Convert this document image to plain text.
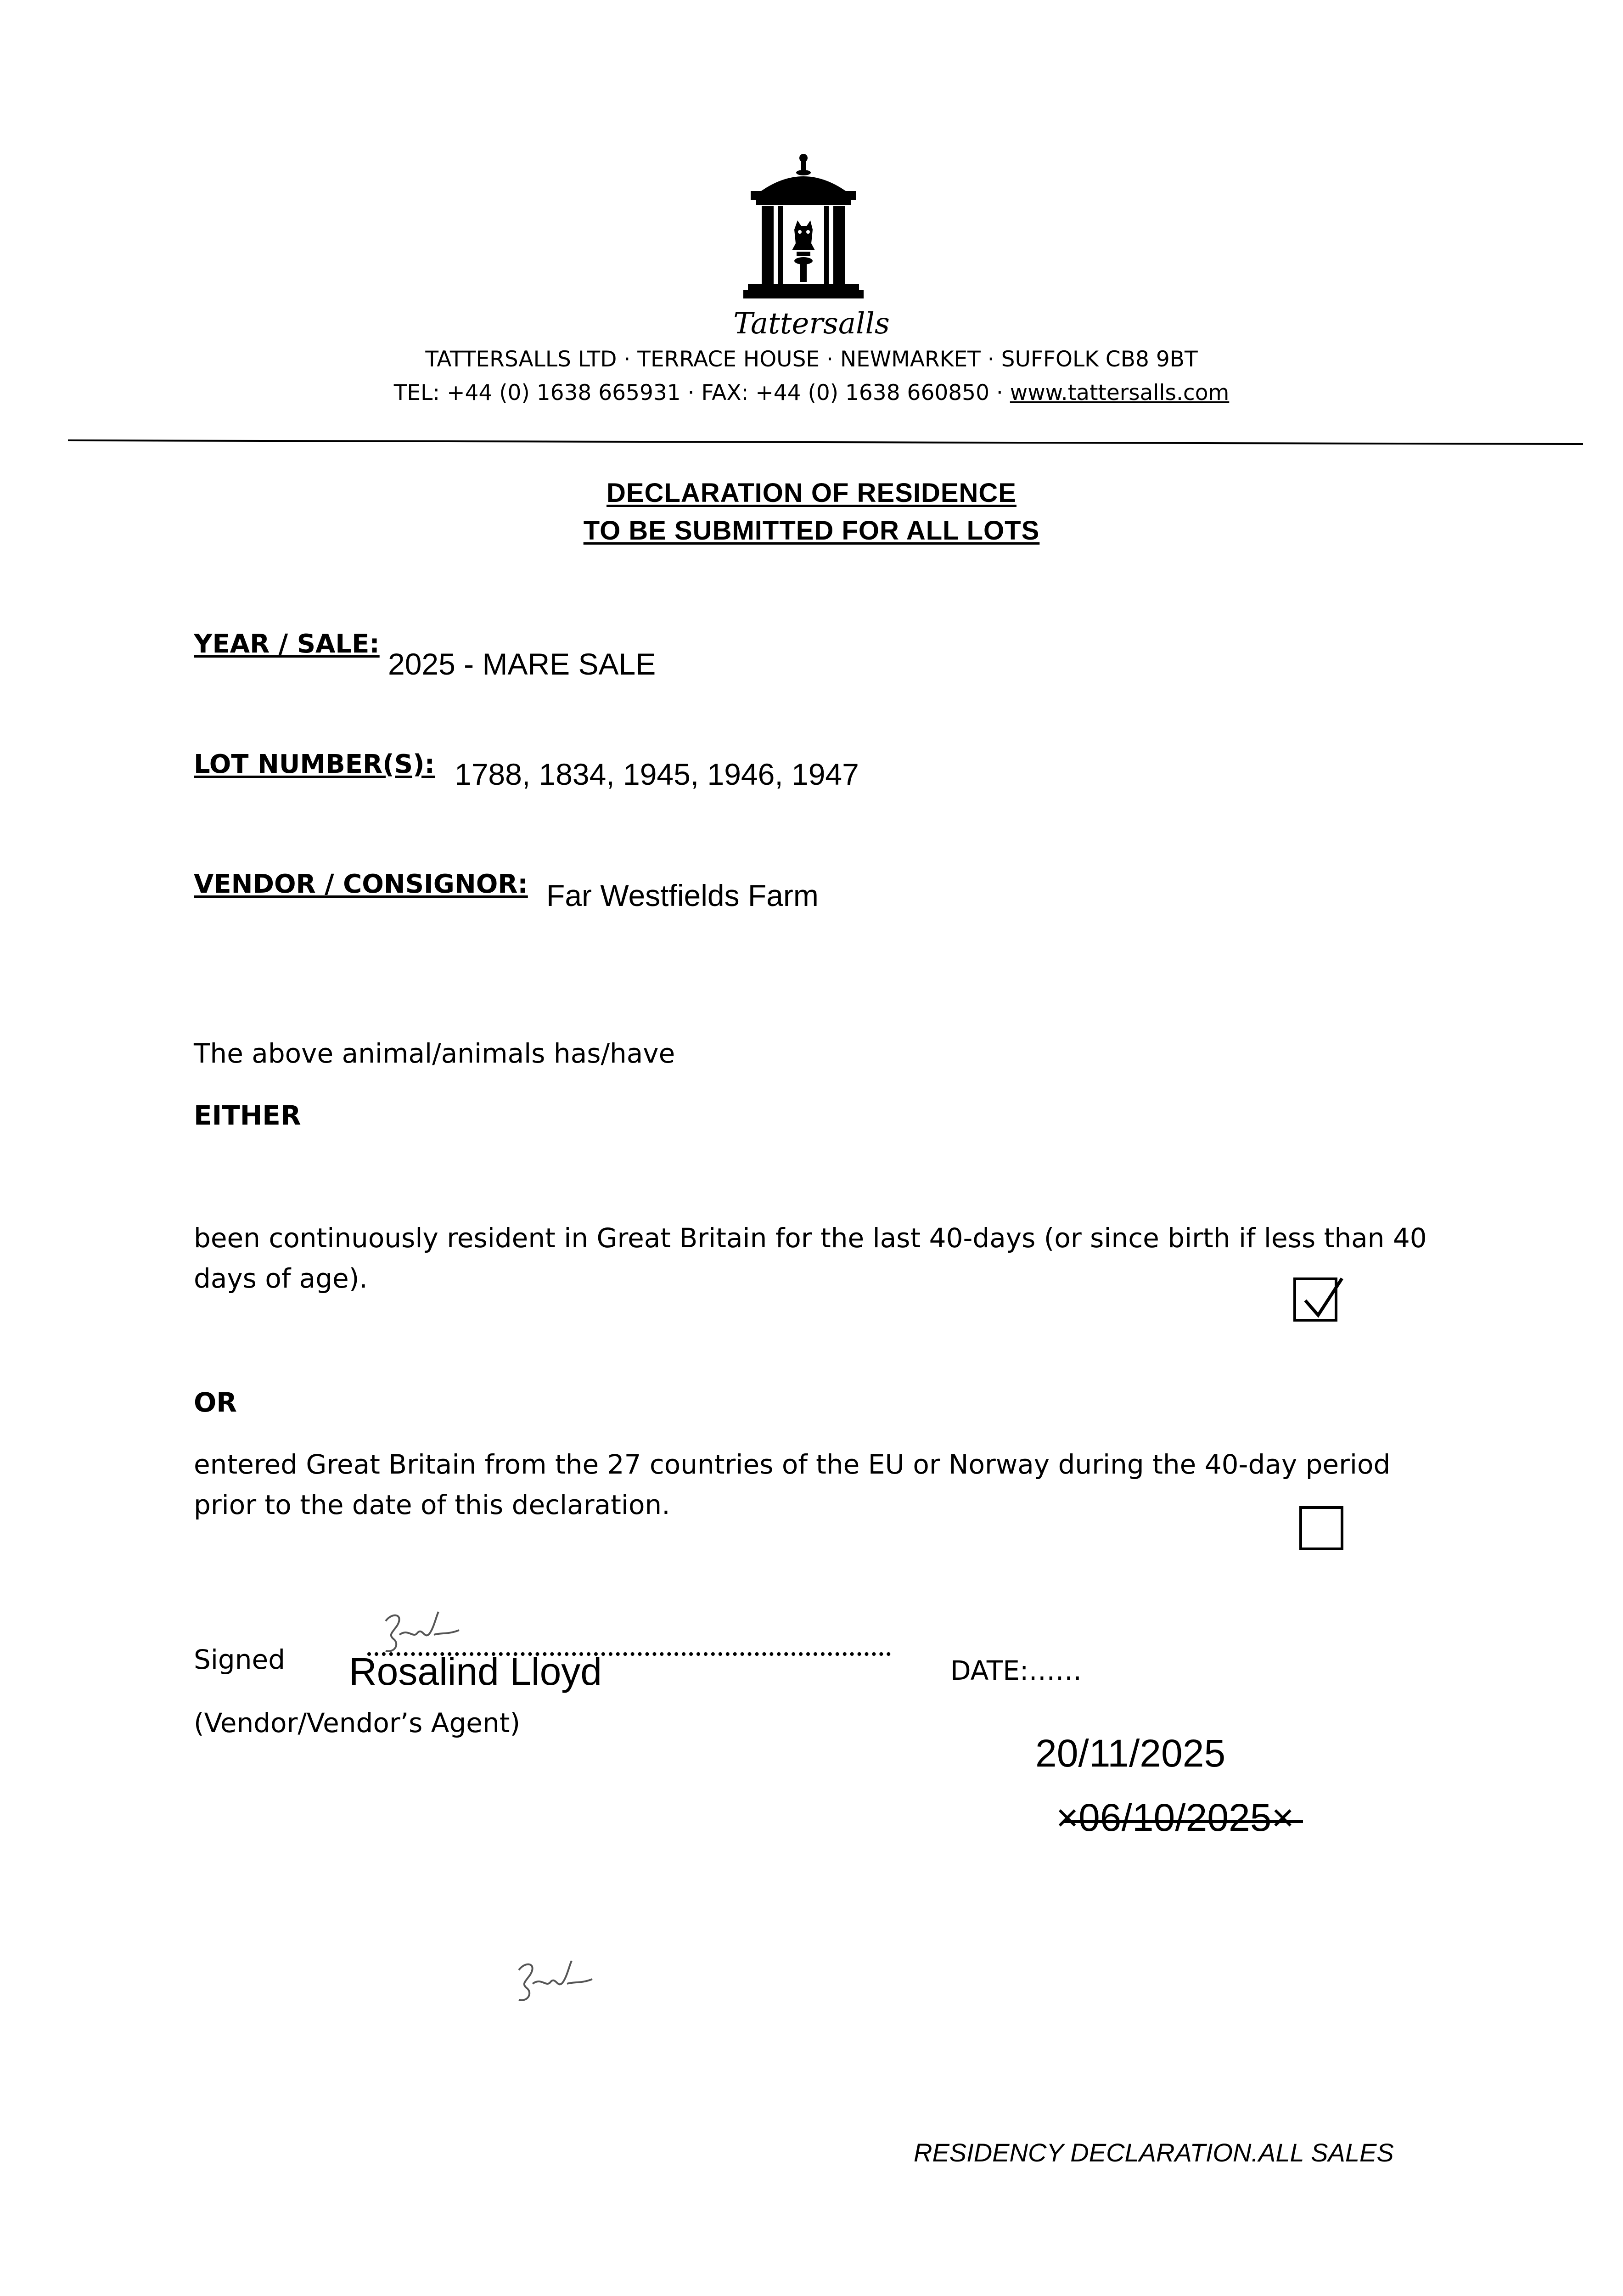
Tattersalls
TATTERSALLS LTD · TERRACE HOUSE · NEWMARKET · SUFFOLK CB8 9BT
TEL: +44 (0) 1638 665931 · FAX: +44 (0) 1638 660850 · www.tattersalls.com
DECLARATION OF RESIDENCE
TO BE SUBMITTED FOR ALL LOTS
YEAR / SALE:
2025 - MARE SALE
LOT NUMBER(S): 1788, 1834, 1945, 1946, 1947
VENDOR / CONSIGNOR: Far Westfields Farm
The above animal/animals has/have
EITHER
been continuously resident in Great Britain for the last 40-days (or since birth if less than 40 days of age).
OR
entered Great Britain from the 27 countries of the EU or Norway during the 40-day period prior to the date of this declaration.
Signed Rosalind Lloyd
(Vendor/Vendor’s Agent)
DATE:……
20/11/2025
×06/10/2025×
RESIDENCY DECLARATION.ALL SALES
